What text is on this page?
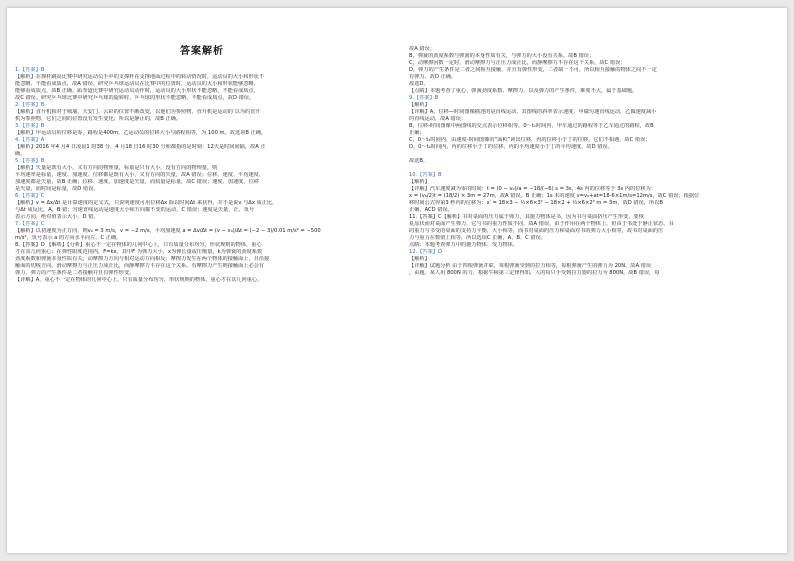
答案解析
1.【答案】B
【解析】在撑杆跳高比赛中研究运动员手中的支撑杆在支撑地面过程中的转动情况时，运动员的大小和形状不
能忽略，不能看成质点，故A 错误。研究乒乓球运动员在比赛中的位置时，运动员的大小和形状能够忽略，
能够看成质点，故B 正确。跆拳道比赛中研究运动员动作时，运动员的大小形状不能忽略，不能看成质点，
故C 错误。研究乒乓球比赛中研究乒乓球的旋转时，乒乓球的形状不能忽略，不能看成质点，故D 错误。
2.【答案】B
【解析】直升机相对于城墙、天安门、云彩的位置不断改变，以他们为参照物，直升机是运动的 以为的直升
机为参照物，它们之间的位置没有发生变化，所以是静止的，故B 正确。
3.【答案】B
【解析】甲运动员的位移是零，路程是400m，乙运动员的位移大小与路程相等，为 100 m。故选项B 正确。
4.【答案】A
【解析】2016 年4 月4 日凌晨1 时38 分，4 月18 日16 时30 分和都指的是时刻：12天是时间间隔，故A 正
确。
5.【答案】B
【解析】矢量是既有大小，又有方向的物理量，标量是只有大小，没有方向的物理量，则
平均速率是标量，速度、加速度、位移都是既有大小，又有方向的矢量，故A 错误；位移、速度、平均速度、
加速度都是矢量，故B 正确；位移、速度、加速度是矢量，而质量是标量，故C 错误；速度、加速度、位移
是矢量，而时间是标量，故D 错误。
6.【答案】C
【解析】v = Δx/Δt 是计算速度的定义式，只说明速度可用位移Δx 除以时间Δt 来获得，并不是说v 与Δx 成正比，
与Δt 成反比，A，B 错；匀速直线运动是速度大小和方向都不变的运动，C 错误；速度是矢量，正、负号
表示方向，绝对值表示大小，D 错。
7.【答案】C
【解析】以初速度为正方向，则v₀ = 3 m/s，v = −2 m/s，平均加速度 a = Δv/Δt = (v − v₀)/Δt = (−2 − 3)/0.01 m/s² = −500
m/s²，负号表示 a 的方向水平向左，C 正确。
8.【答案】D 【解析】【分析】重心不一定在物体的几何中心上，只有质量分布均匀，形状规则的物体，重心
才在其几何重心；在弹性限度范围内，F=kx，其中F 为弹力大小，x为伸长量或压缩量，k为弹簧的劲度系数
劲度系数和弹簧本身性质有关；动摩擦力方向与相对运动方向相反；摩擦力发生在两个物体的接触面上，且沿接
触面的切线方向。滑动摩擦力与正压力成正比，而静摩擦力不存在这个关系。有摩擦力产生则接触面上必会有
弹力，弹力的产生条件是二者接触并且有弹性形变。
【详解】A，重心不一定在物体的几何中心上，只有质量分布均匀，形状规则的物体，重心才在其几何重心，
故A 错误；
B，弹簧的劲度系数与弹簧的本身性质有关，与弹力的大小没有关系，故B 错误；
C，动摩擦因数一定时，滑动摩擦力与正压力成正比，而静摩擦力不存在这个关系，故C 错误；
D，弹力的产生条件是二者之间相互接触，并且有弹性形变，二者缺一不可，所以相互接触的物体之间不一定
有弹力，故D 正确。
故选D。
【点睛】本题考查了重心、弹簧劲度系数、摩擦力，以及弹力的产生条件，难度不大，属于基础题。
9.【答案】B
【解析】
【详解】A，位移—时间图像描述的是直线运动，其图线的斜率表示速度，甲做匀速直线运动，乙做速度减小
的直线运动，故A 错误；
B，位移-时间图像中两图线的交点表示位移相等，0～t₁时间内，甲车通过的路程等于乙车通过的路程，故B
正确；
C，0～t₂时间内，由速度-时间图像的“面积”读出位移，丙的位移小于丁的位移，它们不相遇，故C 错误；
D，0～t₂时间内，丙的位移小于丁的位移，丙的平均速度小于丁的平均速度，故D 错误。
故选B。
10.【答案】B
【解析】
【详解】汽车速度减为零的时间：t = (0 − v₀)/a = −18/(−6) s = 3s，4s 内的位移等于 3s 内的位移为：
x = (v₀/2)t = (18/2) × 3m = 27m，故A 错误，B 正确；1s 末的速度 v=v₀+at=18-6×1m/s=12m/s，故C 错误；根据位
移时间公式得第3 秒内的位移为：x′ = 18×3 − ½×6×3² − 18×2 + ½×6×2² m = 3m，故D 错误，所以B
正确，ACD 错误。
11.【答案】C【解析】书对桌面的压力属于弹力，其施力物体是书，因为书与桌面挤压产生形变，要恢
复原状而对桌面产生弹力，它与书的重力性质不同，故A 错误，由于作用在两个物体上，但由于书处于静止状态，书
的重力与书受的桌面的支持力平衡，大小相等，而书对桌面的压力和桌面对书的弹力大小相等，故书对桌面的压
力与重力在数值上相等，所以选项C 正确，A、B、C 错误。
点睛：本题考查弹力中的施力物体、受力物体。
12.【答案】D
【解析】
【详解】试题分析 由于四根弹簧并联，每根弹簧受到的拉力相等，每根弹簧产生的弹力为 20N，故A 错误
，由题，某人用 800N 的力，根据牛顿第三定律得知，人的每只手受到拉力器的拉力为 800N，故B 错误，每
